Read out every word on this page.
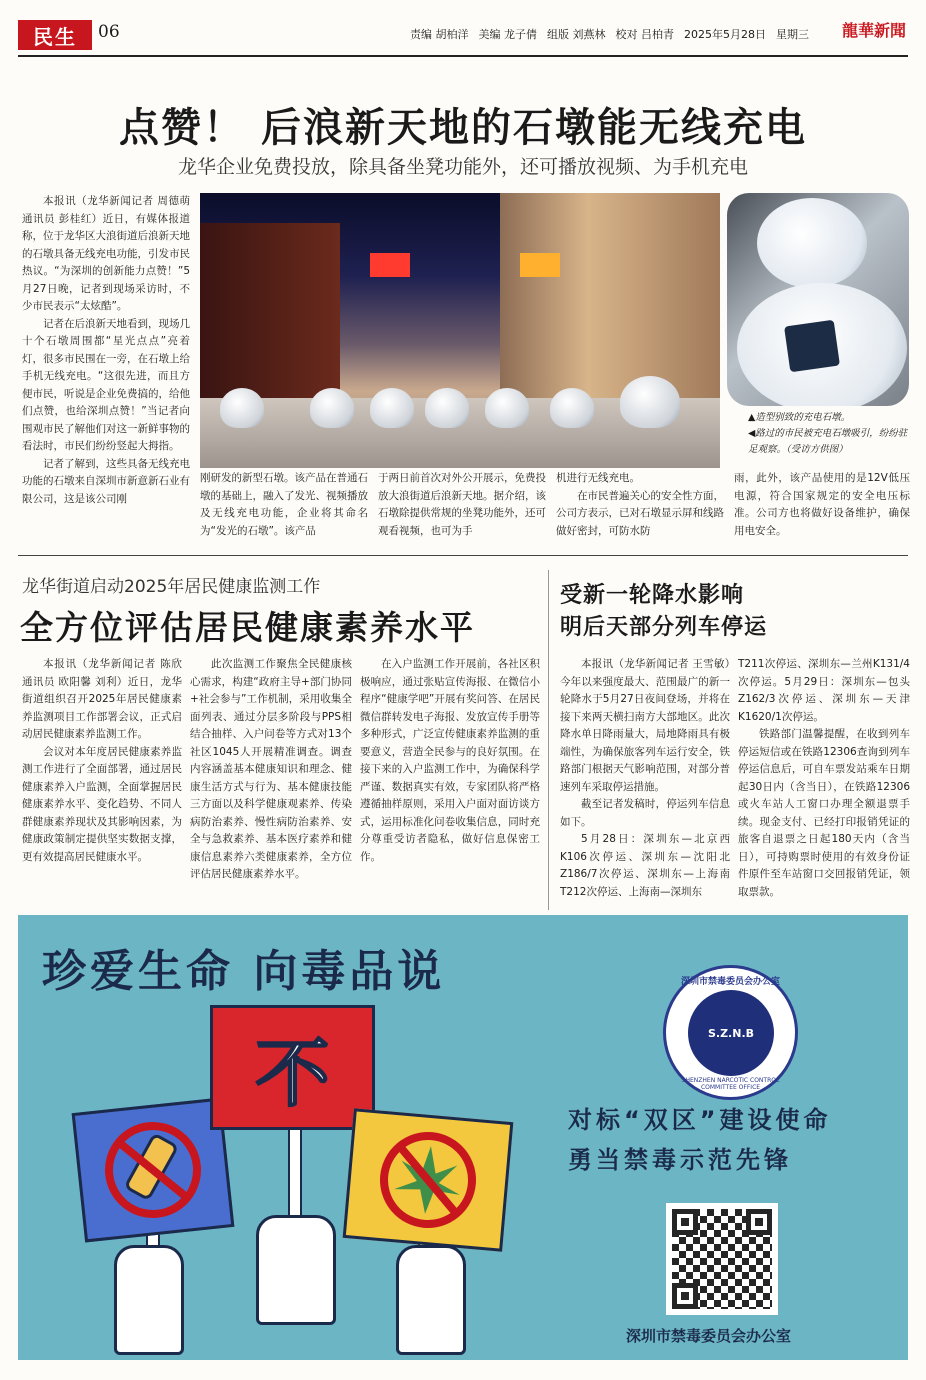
民生	06	责编 胡柏洋 美编 龙子倩 组版 刘燕林 校对 吕柏青 2025年5月28日 星期三 龍華新聞
点赞！ 后浪新天地的石墩能无线充电
龙华企业免费投放，除具备坐凳功能外，还可播放视频、为手机充电

本报讯（龙华新闻记者 周德萌 通讯员 彭桂红）近日，有媒体报道称，位于龙华区大浪街道后浪新天地的石墩具备无线充电功能，引发市民热议。“为深圳的创新能力点赞！”5月27日晚，记者到现场采访时，不少市民表示“太炫酷”。

记者在后浪新天地看到，现场几十个石墩周围都“星光点点”亮着灯，很多市民围在一旁，在石墩上给手机无线充电。“这很先进，而且方便市民，听说是企业免费搞的，给他们点赞，也给深圳点赞！”当记者向围观市民了解他们对这一新鲜事物的看法时，市民们纷纷竖起大拇指。

记者了解到，这些具备无线充电功能的石墩来自深圳市新意新石业有限公司，这是该公司刚

▲造型别致的充电石墩。
◀路过的市民被充电石墩吸引，纷纷驻足观察。（受访方供图）

刚研发的新型石墩。该产品在普通石墩的基础上，融入了发光、视频播放及无线充电功能，企业将其命名为“发光的石墩”。该产品

于两日前首次对外公开展示，免费投放大浪街道后浪新天地。据介绍，该石墩除提供常规的坐凳功能外，还可观看视频，也可为手

机进行无线充电。

在市民普遍关心的安全性方面，公司方表示，已对石墩显示屏和线路做好密封，可防水防

雨，此外，该产品使用的是12V低压电源，符合国家规定的安全电压标准。公司方也将做好设备维护，确保用电安全。

龙华街道启动2025年居民健康监测工作
全方位评估居民健康素养水平

本报讯（龙华新闻记者 陈欣 通讯员 欧阳馨 刘利）近日，龙华街道组织召开2025年居民健康素养监测项目工作部署会议，正式启动居民健康素养监测工作。

会议对本年度居民健康素养监测工作进行了全面部署，通过居民健康素养入户监测，全面掌握居民健康素养水平、变化趋势、不同人群健康素养现状及其影响因素，为健康政策制定提供坚实数据支撑，更有效提高居民健康水平。

此次监测工作聚焦全民健康核心需求，构建“政府主导+部门协同+社会参与”工作机制，采用收集全面列表、通过分层多阶段与PPS相结合抽样、入户问卷等方式对13个社区1045人开展精准调查。调查内容涵盖基本健康知识和理念、健康生活方式与行为、基本健康技能三方面以及科学健康观素养、传染病防治素养、慢性病防治素养、安全与急救素养、基本医疗素养和健康信息素养六类健康素养，全方位评估居民健康素养水平。

在入户监测工作开展前，各社区积极响应，通过张贴宣传海报、在微信小程序“健康学吧”开展有奖问答、在居民微信群转发电子海报、发放宣传手册等多种形式，广泛宣传健康素养监测的重要意义，营造全民参与的良好氛围。在接下来的入户监测工作中，为确保科学严谨、数据真实有效，专家团队将严格遵循抽样原则，采用入户面对面访谈方式，运用标准化问卷收集信息，同时充分尊重受访者隐私，做好信息保密工作。

受新一轮降水影响
明后天部分列车停运

本报讯（龙华新闻记者 王雪敏）今年以来强度最大、范围最广的新一轮降水于5月27日夜间登场，并将在接下来两天横扫南方大部地区。此次降水单日降雨量大，局地降雨具有极端性，为确保旅客列车运行安全，铁路部门根据天气影响范围，对部分普速列车采取停运措施。

截至记者发稿时，停运列车信息如下。

5月28日：深圳东—北京西K106次停运、深圳东—沈阳北Z186/7次停运、深圳东—上海南T212次停运、上海南—深圳东

T211次停运、深圳东—兰州K131/4次停运。5月29日：深圳东—包头Z162/3次停运、深圳东—天津K1620/1次停运。

铁路部门温馨提醒，在收到列车停运短信或在铁路12306查询到列车停运信息后，可自车票发站乘车日期起30日内（含当日），在铁路12306或火车站人工窗口办理全额退票手续。现金支付、已经打印报销凭证的旅客自退票之日起180天内（含当日），可持购票时使用的有效身份证件原件至车站窗口交回报销凭证，领取票款。

珍爱生命 向毒品说
不
深圳市禁毒委员会办公室
S.Z.N.B
SHENZHEN NARCOTIC CONTROL COMMITTEE OFFICE
对标“双区”建设使命
勇当禁毒示范先锋
深圳市禁毒委员会办公室
